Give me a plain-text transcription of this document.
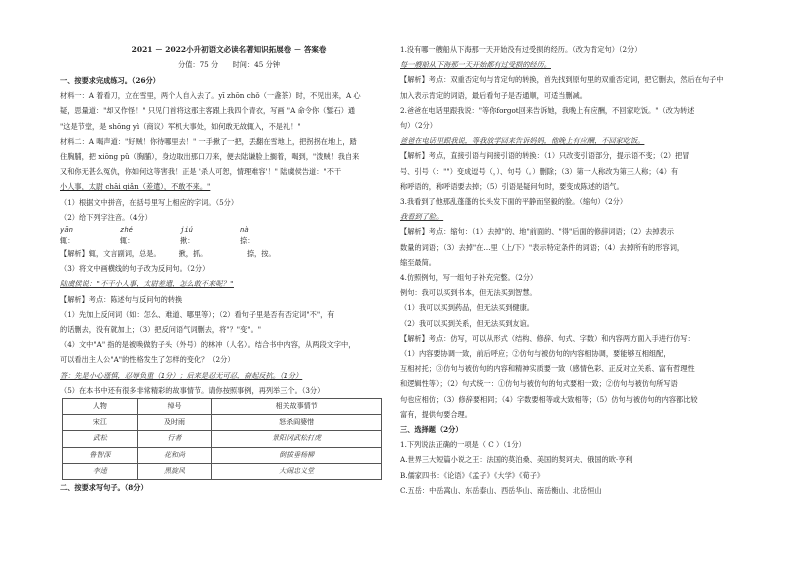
2021 － 2022小升初语文必读名著知识拓展卷 － 答案卷
分值：75 分　　时间：45 分钟
一、按要求完成练习。（26分）
材料一：A 着看刀，立在雪里，两个人自入去了。yī zhōn chǒ（一盏茶）时，不见出来，A 心
疑，思量道："却又作怪！" 只见门首将这那主客跟上我四个青衣，写画 "A 命令你（錾石）通
"这是节堂，是 shōng yì（商议）军机大事处，如何敢无故辄入，不是礼！"
材料二：A 喝声道："好贼！你待哪里去！" 一手揪了一把，丢翻在雪地上，把拐拐在地上，踏
住胸脯，把 xiōng pǔ（胸脯），身边取出那口刀来，便去陆谦脸上搁着，喝到，"泼贼！我自来
又和你无甚么冤仇，你如何这等害我！正是 '杀人可恕，情理难容'！" 陆虞侯告道："不干
小人事，太尉 chāi qiǎn（差遣），不敢不来。"
（1）根据文中拼音，在括号里写上相应的字词。（5分）
（2）给下列字注音。（4分）
yān	zhé	jiú	nà
辄：	辄：	揪：	捺：
【解析】辄，文言副词，总是。　　　揪，抓。　　　　　　捺，按。
（3）将文中画横线的句子改为反问句。（2分）
陆虞侯说："不干小人事，太尉差遣，怎么敢不来呢？"
【解析】考点：陈述句与反问句的转换
（1）先加上反问词（如：怎么、难道、哪里等）；（2）看句子里是否有否定词"不"，有
的话删去，没有就加上；（3）把反问语气词删去，将"？"变"。"
（4）文中"A" 指的是被唤做豹子头（外号）的林冲（人名）。结合书中内容，从两段文字中，
可以看出主人公"A"的性格发生了怎样的变化？（2分）
答：先是小心谨慎，忍辱负重（1分）；后来是忍无可忍，奋起反抗。（1分）
（5）在本书中还有很多非常精彩的故事情节。请你按照事例，再列举三个。（3分）
人物	绰号	相关故事情节
宋江	及时雨	怒杀阎婆惜
武松	行者	景阳冈武松打虎
鲁智深	花和尚	倒拔垂杨柳
李逵	黑旋风	大闹忠义堂
二、按要求写句子。（8分）
1.没有哪一艘船从下海那一天开始没有过受损的经历。（改为肯定句）（2分）
每一艘船从下海那一天开始都有过受损的经历。
【解析】考点：双重否定句与肯定句的转换，首先找到原句里的双重否定词，把它删去，然后在句子中
加入表示肯定的词语，最后看句子是否通顺，可适当删减。
2.爸爸在电话里跟我说："等你forgot回来告诉她，我晚上有应酬，不回家吃饭。"（改为转述
句）（2分）
爸爸在电话里跟我说，等我放学回来告诉妈妈，他晚上有应酬，不回家吃饭。
【解析】考点，直接引语与间接引语的转换：（1）只改变引语部分，提示语不变；（2）把冒
号、引号（：""）变成逗号（，）、句号（。）删除；（3）第一人称改为第三人称；（4）有
称呼语的，称呼语要去掉；（5）引语是疑问句时，要变成陈述的语气。
3.我看到了他那乱蓬蓬的长头发下面的平静而坚毅的脸。（缩句）（2分）
我看到了脸。
【解析】考点：缩句：（1）去掉"的、地"前面的、"得"后面的修辞词语；（2）去掉表示
数量的词语；（3）去掉"在…里（上/下）"表示特定条件的词语；（4）去掉所有的形容词，
缩至最简。
4.仿照例句，写一组句子补充完整。（2分）
例句：我可以买到书本，但无法买到智慧。
（1）我可以买到药品，但无法买到健康。
（2）我可以买到关系，但无法买到友谊。
【解析】考点：仿写，可以从形式（结构、修辞、句式、字数）和内容两方面入手进行仿写：
（1）内容要协调一致，前后呼应；②仿句与被仿句的内容相协调，要能够互相组配，
互相衬托；③仿句与被仿句的内容和精神实质要一致（感情色彩、正反对立关系、富有哲理性
和逻辑性等）；（2）句式统一：①仿句与被仿句的句式要相一致；②仿句与被仿句所写语
句也应相仿；（3）修辞要相同；（4）字数要相等或大致相等；（5）仿句与被仿句的内容都比较
富有，提供句要合理。
三、选择题（2分）
1.下列说法正确的一项是（ C ）（1分）
A.世界三大短篇小说之王：法国的莫泊桑、美国的契诃夫、俄国的欧·亨利
B.儒家四书：《论语》《孟子》《大学》《荀子》
C.五岳：中岳嵩山、东岳泰山、西岳华山、南岳衡山、北岳恒山
